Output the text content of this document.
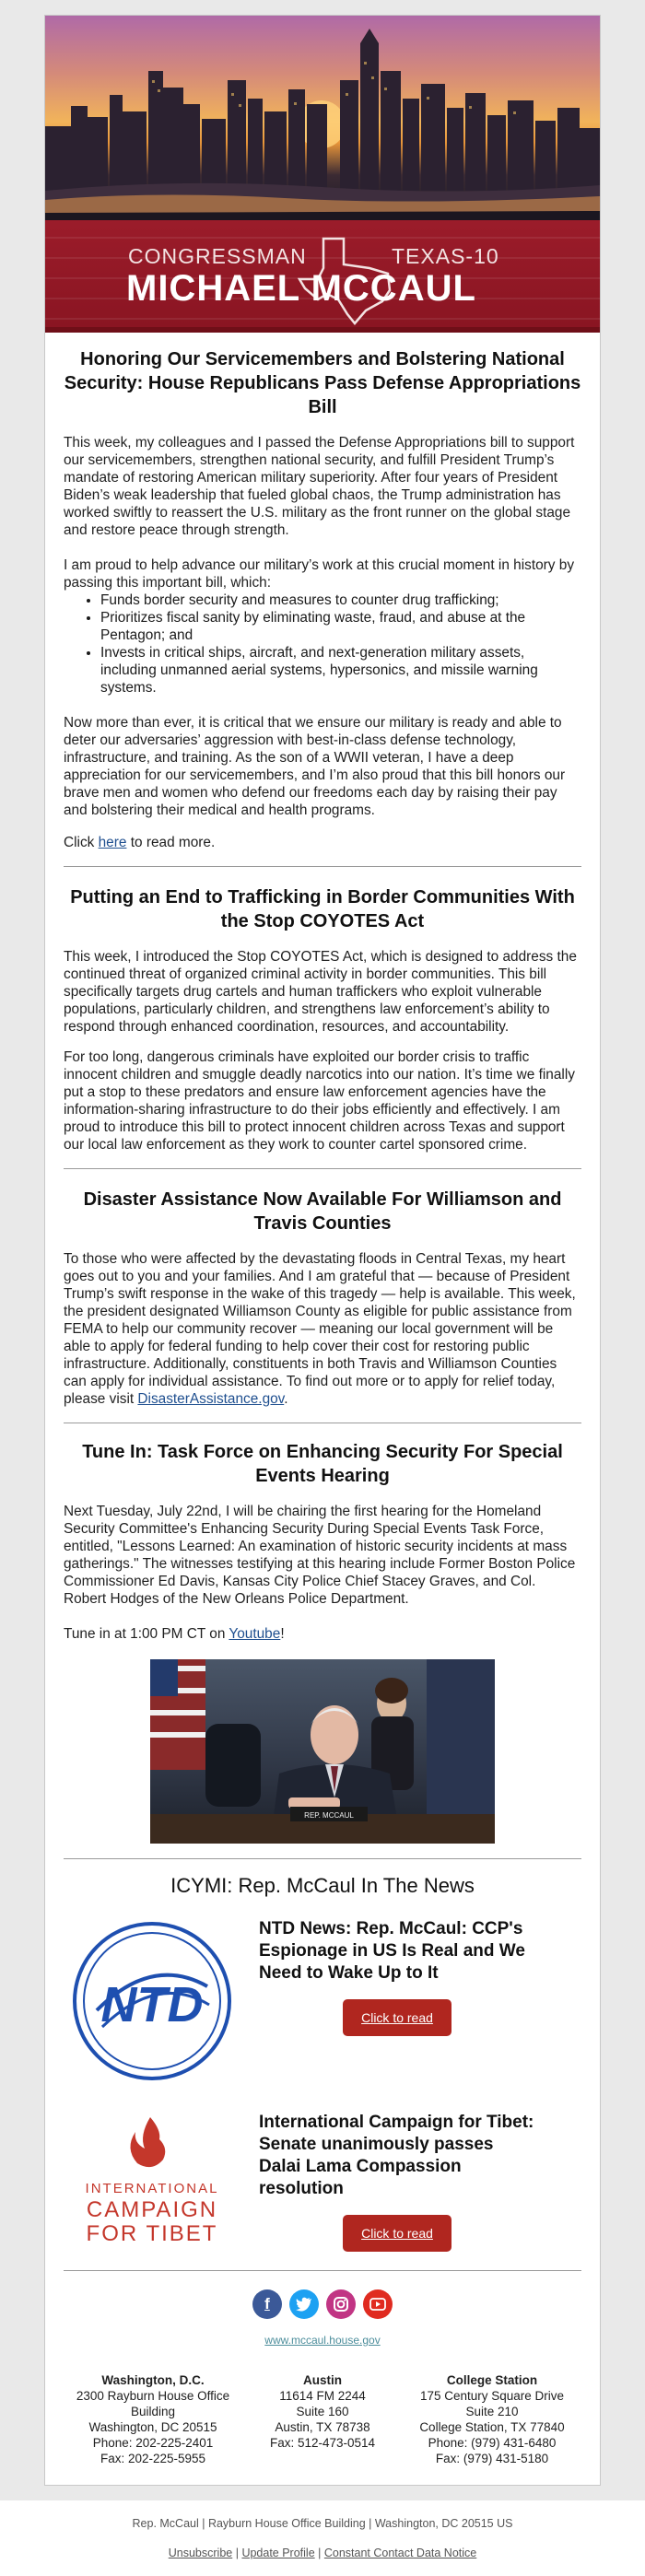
CONGRESSMAN	TEXAS-10
MICHAEL MCCAUL
Honoring Our Servicemembers and Bolstering National Security: House Republicans Pass Defense Appropriations Bill

This week, my colleagues and I passed the Defense Appropriations bill to support our servicemembers, strengthen national security, and fulfill President Trump’s mandate of restoring American military superiority. After four years of President Biden’s weak leadership that fueled global chaos, the Trump administration has worked swiftly to reassert the U.S. military as the front runner on the global stage and restore peace through strength.

I am proud to help advance our military’s work at this crucial moment in history by passing this important bill, which:

• Funds border security and measures to counter drug trafficking;
• Prioritizes fiscal sanity by eliminating waste, fraud, and abuse at the Pentagon; and
• Invests in critical ships, aircraft, and next-generation military assets, including unmanned aerial systems, hypersonics, and missile warning systems.

Now more than ever, it is critical that we ensure our military is ready and able to deter our adversaries’ aggression with best-in-class defense technology, infrastructure, and training. As the son of a WWII veteran, I have a deep appreciation for our servicemembers, and I’m also proud that this bill honors our brave men and women who defend our freedoms each day by raising their pay and bolstering their medical and health programs.

Click here to read more.

Putting an End to Trafficking in Border Communities With the Stop COYOTES Act

This week, I introduced the Stop COYOTES Act, which is designed to address the continued threat of organized criminal activity in border communities. This bill specifically targets drug cartels and human traffickers who exploit vulnerable populations, particularly children, and strengthens law enforcement’s ability to respond through enhanced coordination, resources, and accountability.

For too long, dangerous criminals have exploited our border crisis to traffic innocent children and smuggle deadly narcotics into our nation. It’s time we finally put a stop to these predators and ensure law enforcement agencies have the information-sharing infrastructure to do their jobs efficiently and effectively. I am proud to introduce this bill to protect innocent children across Texas and support our local law enforcement as they work to counter cartel sponsored crime.

Disaster Assistance Now Available For Williamson and Travis Counties

To those who were affected by the devastating floods in Central Texas, my heart goes out to you and your families. And I am grateful that — because of President Trump’s swift response in the wake of this tragedy — help is available. This week, the president designated Williamson County as eligible for public assistance from FEMA to help our community recover — meaning our local government will be able to apply for federal funding to help cover their cost for restoring public infrastructure. Additionally, constituents in both Travis and Williamson Counties can apply for individual assistance. To find out more or to apply for relief today, please visit DisasterAssistance.gov.

Tune In: Task Force on Enhancing Security For Special Events Hearing

Next Tuesday, July 22nd, I will be chairing the first hearing for the Homeland Security Committee's Enhancing Security During Special Events Task Force, entitled, "Lessons Learned: An examination of historic security incidents at mass gatherings." The witnesses testifying at this hearing include Former Boston Police Commissioner Ed Davis, Kansas City Police Chief Stacey Graves, and Col. Robert Hodges of the New Orleans Police Department.

Tune in at 1:00 PM CT on Youtube!

REP. MCCAUL
ICYMI: Rep. McCaul In The News
NTD
NTD News: Rep. McCaul: CCP's Espionage in US Is Real and We Need to Wake Up to It
Click to read
INTERNATIONAL
CAMPAIGN
FOR TIBET
International Campaign for Tibet: Senate unanimously passes Dalai Lama Compassion resolution
Click to read
f
www.mccaul.house.gov
Washington, D.C.
2300 Rayburn House Office
Building
Washington, DC 20515
Phone: 202-225-2401
Fax: 202-225-5955
Austin
11614 FM 2244
Suite 160
Austin, TX 78738
Fax: 512-473-0514
College Station
175 Century Square Drive
Suite 210
College Station, TX 77840
Phone: (979) 431-6480
Fax: (979) 431-5180
Rep. McCaul | Rayburn House Office Building | Washington, DC 20515 US
Unsubscribe | Update Profile | Constant Contact Data Notice
